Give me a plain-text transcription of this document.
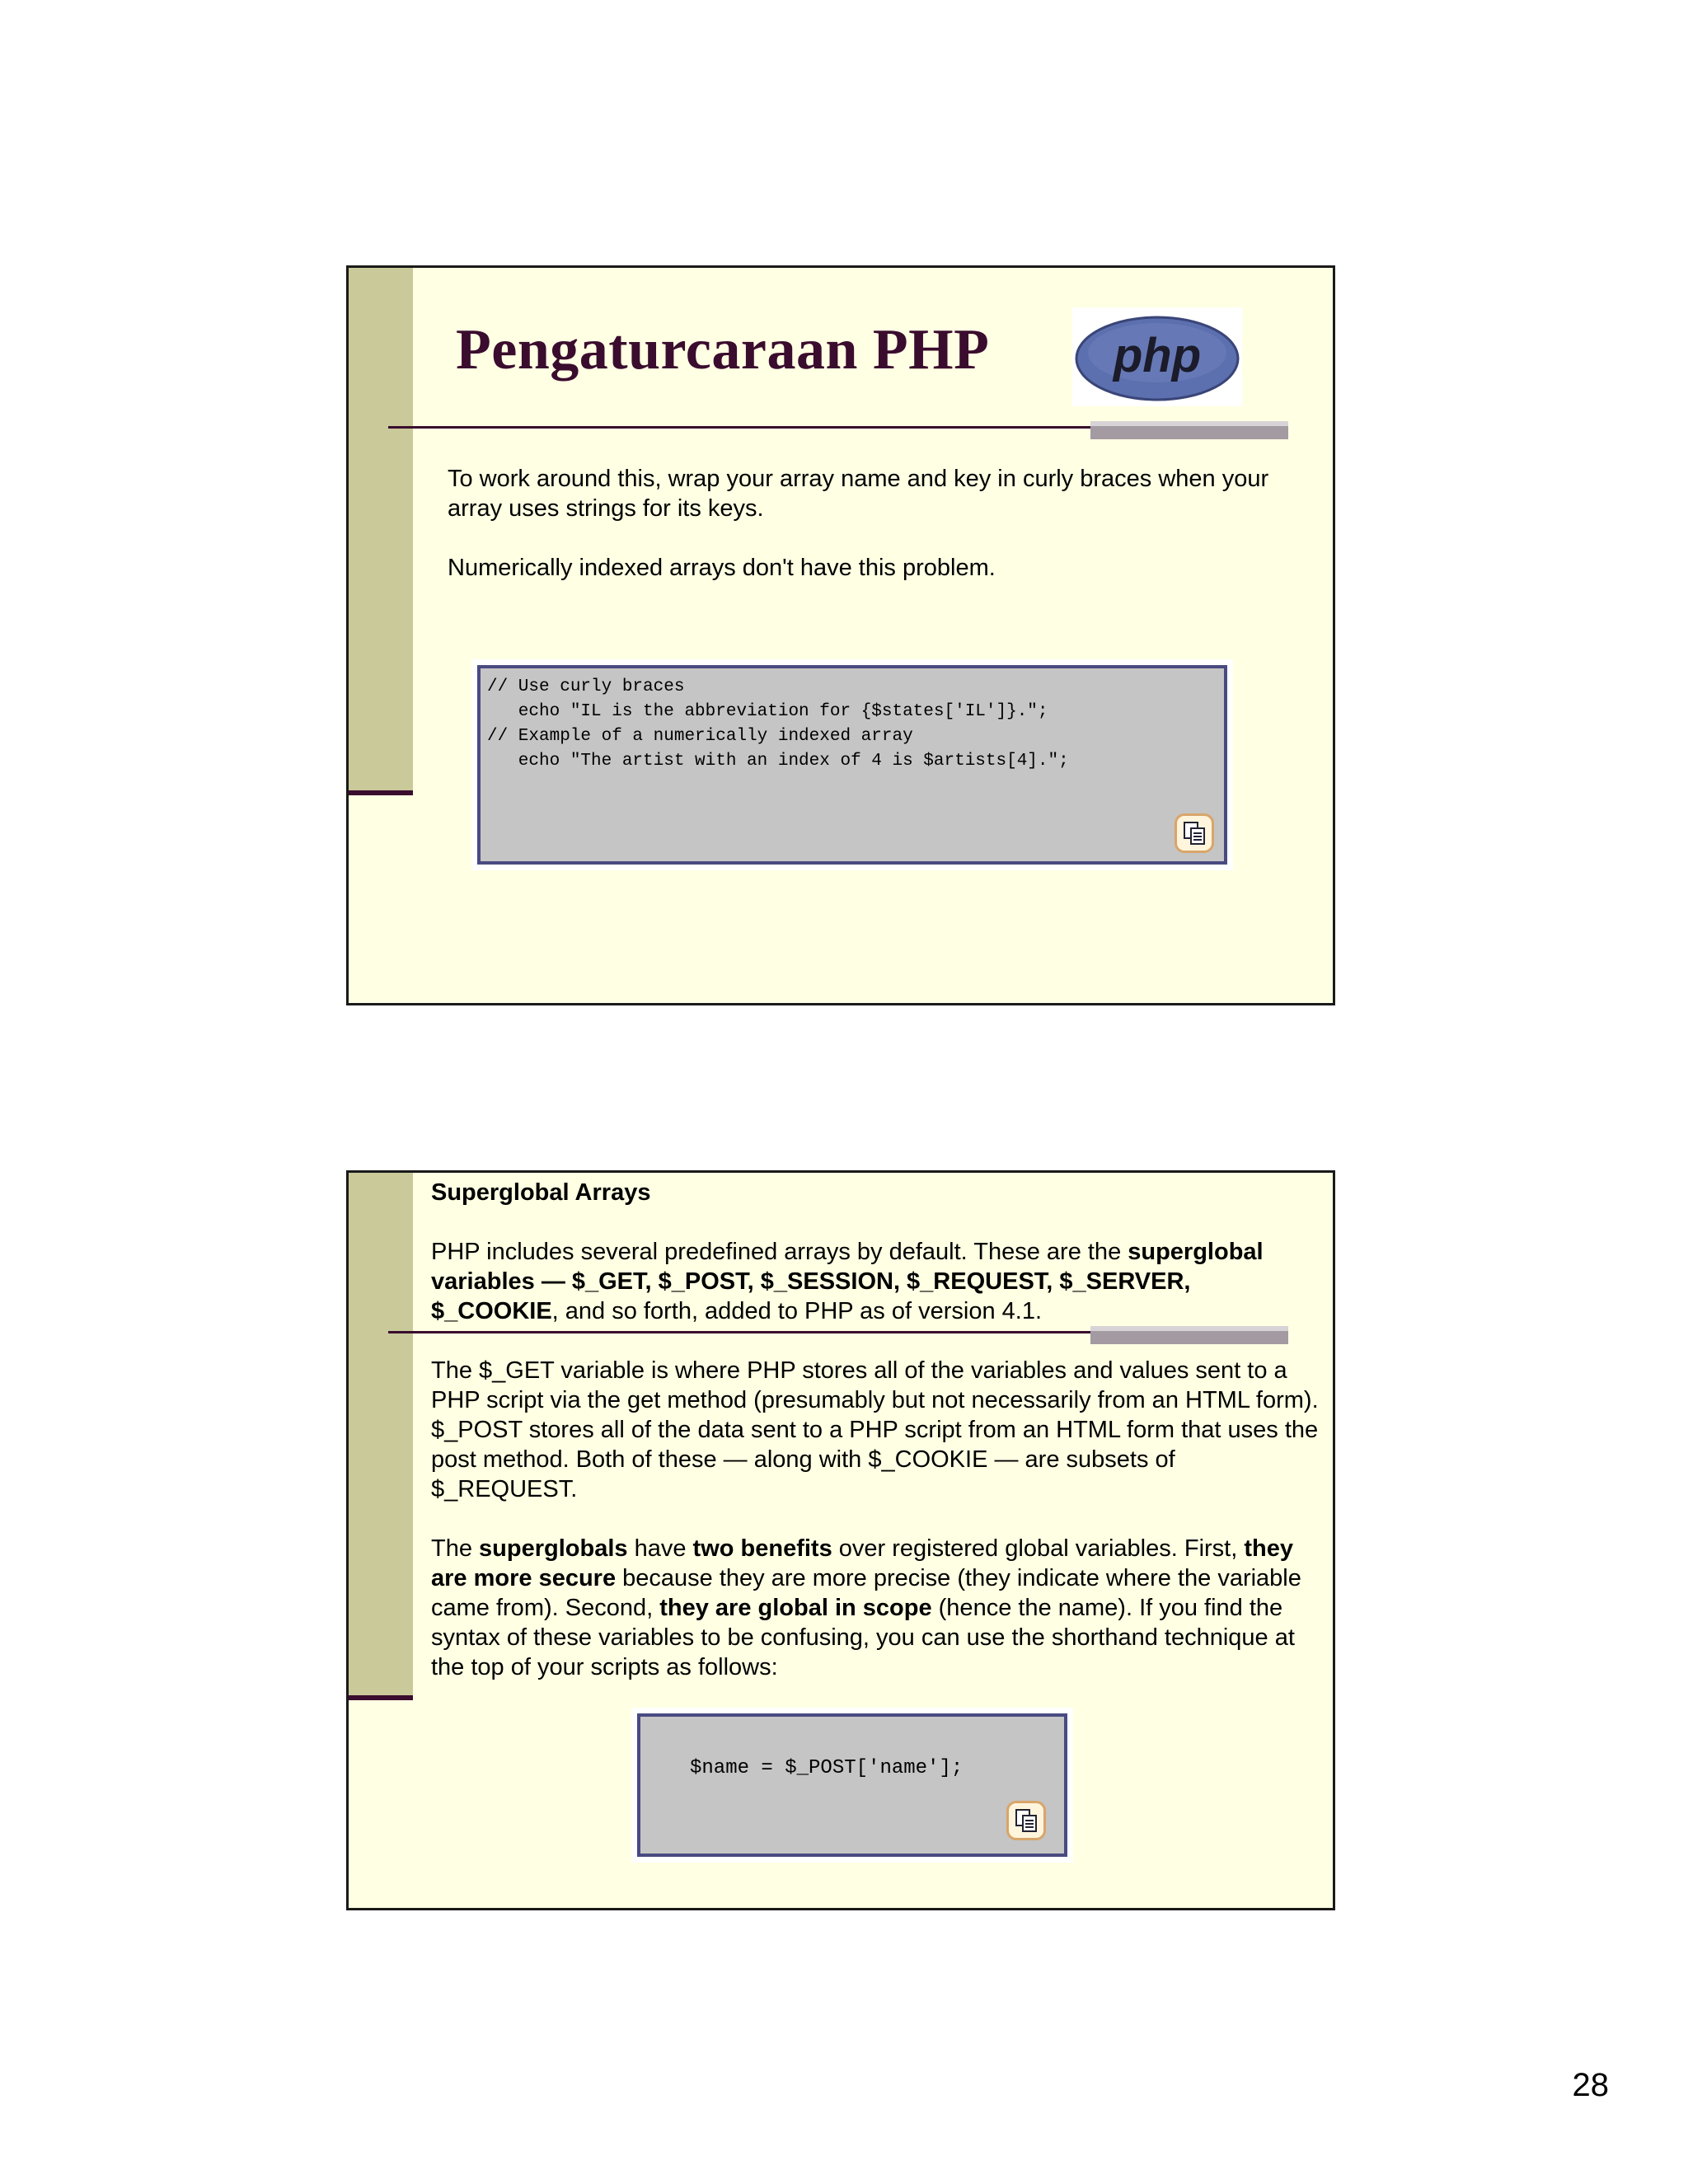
Pengaturcaraan PHP	php

To work around this, wrap your array name and key in curly braces when your array uses strings for its keys.

Numerically indexed arrays don't have this problem.

// Use curly braces
echo "IL is the abbreviation for {$states['IL']}.";
// Example of a numerically indexed array
echo "The artist with an index of 4 is $artists[4].";

Superglobal Arrays

PHP includes several predefined arrays by default. These are the superglobal variables — $_GET, $_POST, $_SESSION, $_REQUEST, $_SERVER, $_COOKIE, and so forth, added to PHP as of version 4.1.

The $_GET variable is where PHP stores all of the variables and values sent to a PHP script via the get method (presumably but not necessarily from an HTML form). $_POST stores all of the data sent to a PHP script from an HTML form that uses the post method. Both of these — along with $_COOKIE — are subsets of $_REQUEST.

The superglobals have two benefits over registered global variables. First, they are more secure because they are more precise (they indicate where the variable came from). Second, they are global in scope (hence the name). If you find the syntax of these variables to be confusing, you can use the shorthand technique at the top of your scripts as follows:

$name = $_POST['name'];
28
